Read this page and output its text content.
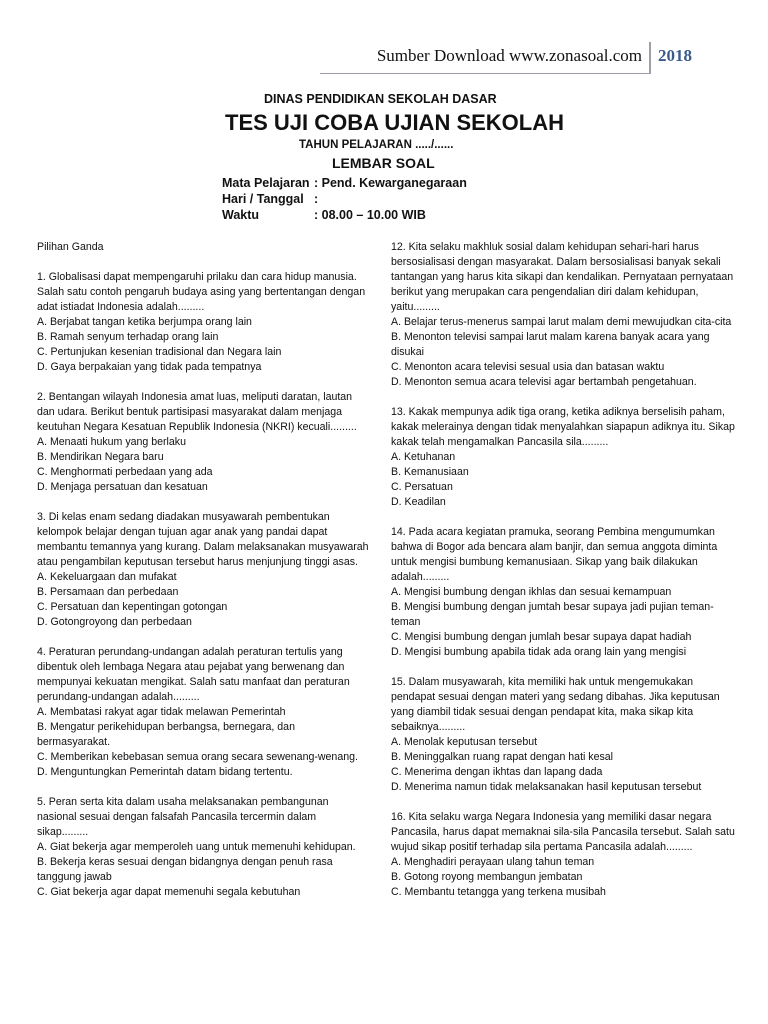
Sumber Download www.zonasoal.com 2018
DINAS PENDIDIKAN SEKOLAH DASAR
TES UJI COBA UJIAN SEKOLAH
TAHUN PELAJARAN ...../......
LEMBAR SOAL
Mata Pelajaran : Pend. Kewarganegaraan
Hari / Tanggal :
Waktu	: 08.00 – 10.00 WIB

Pilihan Ganda

1. Globalisasi dapat mempengaruhi prilaku dan cara hidup manusia. Salah satu contoh pengaruh budaya asing yang bertentangan dengan adat istiadat Indonesia adalah.........

A. Berjabat tangan ketika berjumpa orang lain

B. Ramah senyum terhadap orang lain

C. Pertunjukan kesenian tradisional dan Negara lain

D. Gaya berpakaian yang tidak pada tempatnya

2. Bentangan wilayah Indonesia amat luas, meliputi daratan, lautan dan udara. Berikut bentuk partisipasi masyarakat dalam menjaga keutuhan Negara Kesatuan Republik Indonesia (NKRI) kecuali.........

A. Menaati hukum yang berlaku

B. Mendirikan Negara baru

C. Menghormati perbedaan yang ada

D. Menjaga persatuan dan kesatuan

3. Di kelas enam sedang diadakan musyawarah pembentukan kelompok belajar dengan tujuan agar anak yang pandai dapat membantu temannya yang kurang. Dalam melaksanakan musyawarah atau pengambilan keputusan tersebut harus menjunjung tinggi asas.

A. Kekeluargaan dan mufakat

B. Persamaan dan perbedaan

C. Persatuan dan kepentingan gotongan

D. Gotongroyong dan perbedaan

4. Peraturan perundang-undangan adalah peraturan tertulis yang dibentuk oleh lembaga Negara atau pejabat yang berwenang dan mempunyai kekuatan mengikat. Salah satu manfaat dan peraturan perundang-undangan adalah.........

A. Membatasi rakyat agar tidak melawan Pemerintah

B. Mengatur perikehidupan berbangsa, bernegara, dan bermasyarakat.

C. Memberikan kebebasan semua orang secara sewenang-wenang.

D. Menguntungkan Pemerintah datam bidang tertentu.

5. Peran serta kita dalam usaha melaksanakan pembangunan nasional sesuai dengan falsafah Pancasila tercermin dalam sikap.........

A. Giat bekerja agar memperoleh uang untuk memenuhi kehidupan.

B. Bekerja keras sesuai dengan bidangnya dengan penuh rasa tanggung jawab

C. Giat bekerja agar dapat memenuhi segala kebutuhan

12. Kita selaku makhluk sosial dalam kehidupan sehari-hari harus bersosialisasi dengan masyarakat. Dalam bersosialisasi banyak sekali tantangan yang harus kita sikapi dan kendalikan. Pernyataan pernyataan berikut yang merupakan cara pengendalian diri dalam kehidupan, yaitu.........

A. Belajar terus-menerus sampai larut malam demi mewujudkan cita-cita

B. Menonton televisi sampai larut malam karena banyak acara yang disukai

C. Menonton acara televisi sesual usia dan batasan waktu

D. Menonton semua acara televisi agar bertambah pengetahuan.

13. Kakak mempunya adik tiga orang, ketika adiknya berselisih paham, kakak melerainya dengan tidak menyalahkan siapapun adiknya itu. Sikap kakak telah mengamalkan Pancasila sila.........

A. Ketuhanan

B. Kemanusiaan

C. Persatuan

D. Keadilan

14. Pada acara kegiatan pramuka, seorang Pembina mengumumkan bahwa di Bogor ada bencara alam banjir, dan semua anggota diminta untuk mengisi bumbung kemanusiaan. Sikap yang baik dilakukan adalah.........

A. Mengisi bumbung dengan ikhlas dan sesuai kemampuan

B. Mengisi bumbung dengan jumtah besar supaya jadi pujian teman-teman

C. Mengisi bumbung dengan jumlah besar supaya dapat hadiah

D. Mengisi bumbung apabila tidak ada orang lain yang mengisi

15. Dalam musyawarah, kita memiliki hak untuk mengemukakan pendapat sesuai dengan materi yang sedang dibahas. Jika keputusan yang diambil tidak sesuai dengan pendapat kita, maka sikap kita sebaiknya.........

A. Menolak keputusan tersebut

B. Meninggalkan ruang rapat dengan hati kesal

C. Menerima dengan ikhtas dan lapang dada

D. Menerima namun tidak melaksanakan hasil keputusan tersebut

16. Kita selaku warga Negara Indonesia yang memiliki dasar negara Pancasila, harus dapat memaknai sila-sila Pancasila tersebut. Salah satu wujud sikap positif terhadap sila pertama Pancasila adalah.........

A. Menghadiri perayaan ulang tahun teman

B. Gotong royong membangun jembatan

C. Membantu tetangga yang terkena musibah
